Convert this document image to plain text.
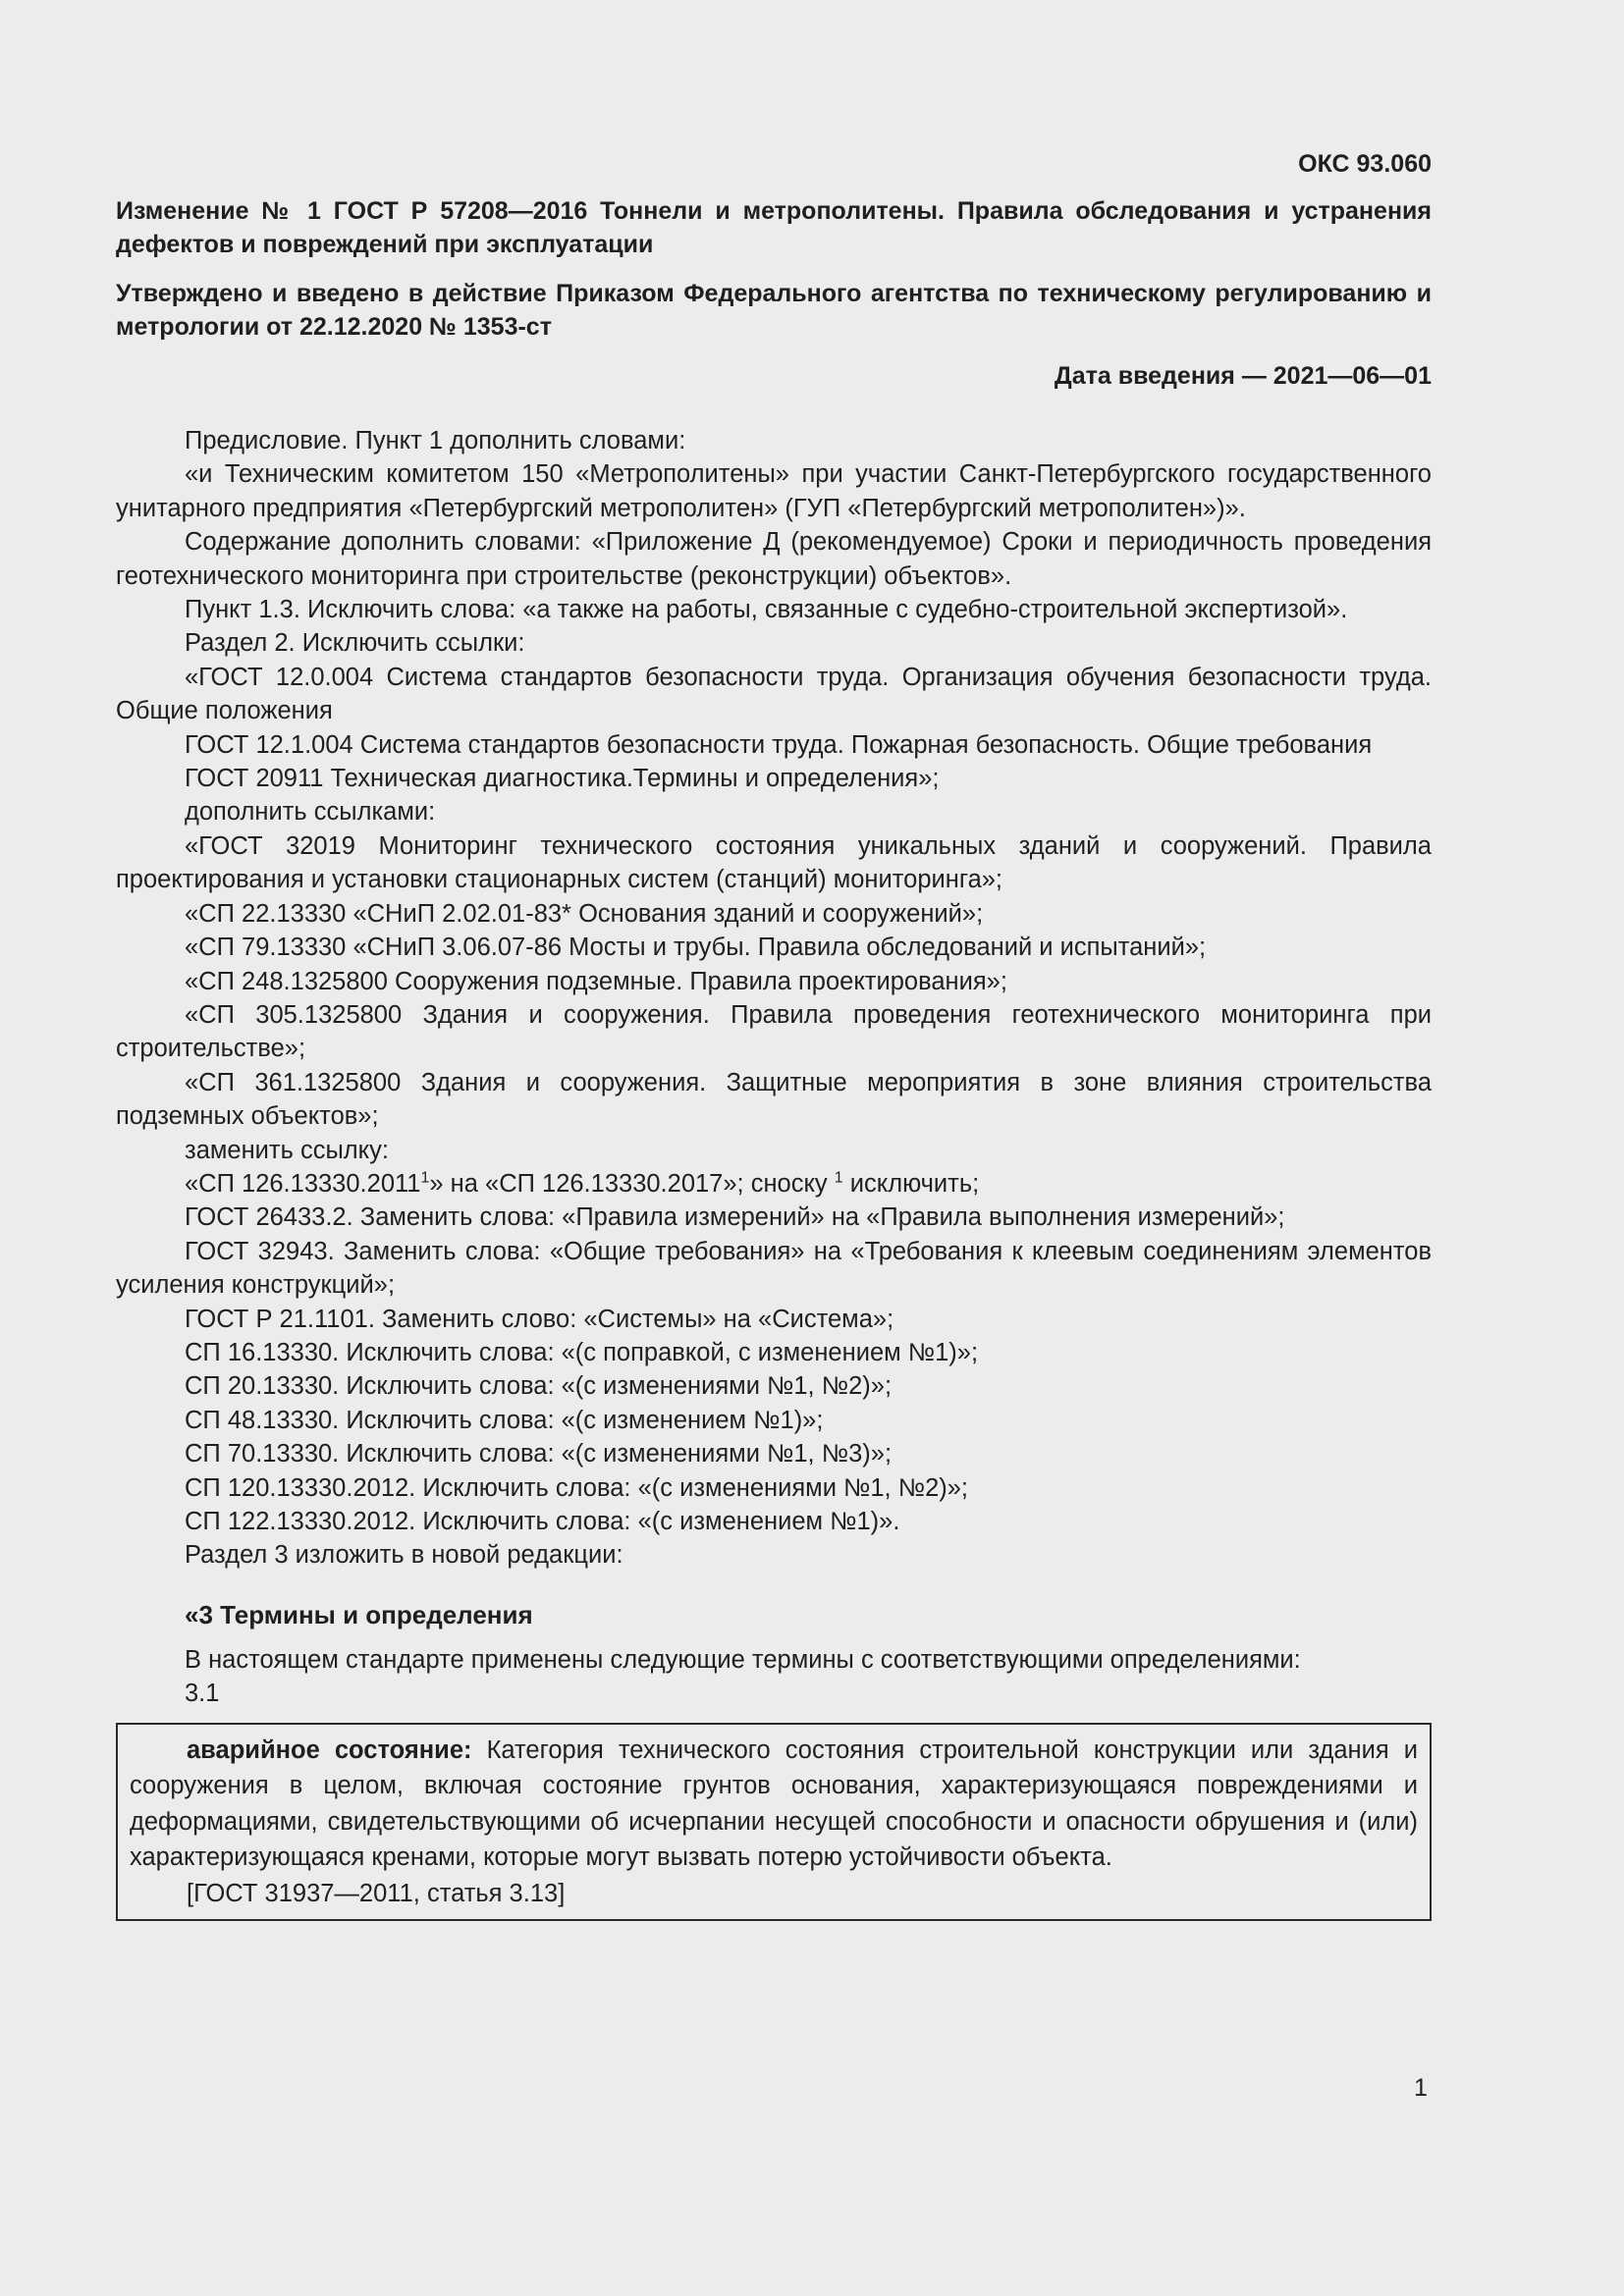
ОКС 93.060
Изменение № 1 ГОСТ Р 57208—2016 Тоннели и метрополитены. Правила обследования и устранения дефектов и повреждений при эксплуатации
Утверждено и введено в действие Приказом Федерального агентства по техническому регулированию и метрологии от 22.12.2020 № 1353-ст
Дата введения — 2021—06—01

Предисловие. Пункт 1 дополнить словами:

«и Техническим комитетом 150 «Метрополитены» при участии Санкт-Петербургского государственного унитарного предприятия «Петербургский метрополитен» (ГУП «Петербургский метрополитен»)».

Содержание дополнить словами: «Приложение Д (рекомендуемое) Сроки и периодичность проведения геотехнического мониторинга при строительстве (реконструкции) объектов».

Пункт 1.3. Исключить слова: «а также на работы, связанные с судебно-строительной экспертизой».

Раздел 2. Исключить ссылки:

«ГОСТ 12.0.004 Система стандартов безопасности труда. Организация обучения безопасности труда. Общие положения

ГОСТ 12.1.004 Система стандартов безопасности труда. Пожарная безопасность. Общие требования

ГОСТ 20911 Техническая диагностика.Термины и определения»;

дополнить ссылками:

«ГОСТ 32019 Мониторинг технического состояния уникальных зданий и сооружений. Правила проектирования и установки стационарных систем (станций) мониторинга»;

«СП 22.13330 «СНиП 2.02.01-83* Основания зданий и сооружений»;

«СП 79.13330 «СНиП 3.06.07-86 Мосты и трубы. Правила обследований и испытаний»;

«СП 248.1325800 Сооружения подземные. Правила проектирования»;

«СП 305.1325800 Здания и сооружения. Правила проведения геотехнического мониторинга при строительстве»;

«СП 361.1325800 Здания и сооружения. Защитные мероприятия в зоне влияния строительства подземных объектов»;

заменить ссылку:

«СП 126.13330.2011$^1$» на «СП 126.13330.2017»; сноску $^1$ исключить;

ГОСТ 26433.2. Заменить слова: «Правила измерений» на «Правила выполнения измерений»;

ГОСТ 32943. Заменить слова: «Общие требования» на «Требования к клеевым соединениям элементов усиления конструкций»;

ГОСТ Р 21.1101. Заменить слово: «Системы» на «Система»;

СП 16.13330. Исключить слова: «(с поправкой, с изменением №1)»;

СП 20.13330. Исключить слова: «(с изменениями №1, №2)»;

СП 48.13330. Исключить слова: «(с изменением №1)»;

СП 70.13330. Исключить слова: «(с изменениями №1, №3)»;

СП 120.13330.2012. Исключить слова: «(с изменениями №1, №2)»;

СП 122.13330.2012. Исключить слова: «(с изменением №1)».

Раздел 3 изложить в новой редакции:

«3 Термины и определения

В настоящем стандарте применены следующие термины с соответствующими определениями:

3.1

аварийное состояние: Категория технического состояния строительной конструкции или здания и сооружения в целом, включая состояние грунтов основания, характеризующаяся повреждениями и деформациями, свидетельствующими об исчерпании несущей способности и опасности обрушения и (или) характеризующаяся кренами, которые могут вызвать потерю устойчивости объекта.

[ГОСТ 31937—2011, статья 3.13]

1
